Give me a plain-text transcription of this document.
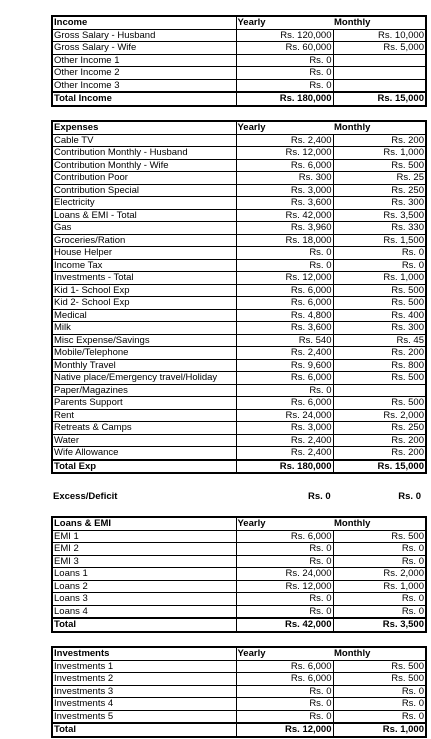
Income	Yearly	Monthly
Gross Salary - Husband	Rs. 120,000	Rs. 10,000
Gross Salary - Wife	Rs. 60,000	Rs. 5,000
Other Income 1	Rs. 0	
Other Income 2	Rs. 0	
Other Income 3	Rs. 0	
Total Income	Rs. 180,000	Rs. 15,000
Expenses	Yearly	Monthly
Cable TV	Rs. 2,400	Rs. 200
Contribution Monthly - Husband	Rs. 12,000	Rs. 1,000
Contribution Monthly - Wife	Rs. 6,000	Rs. 500
Contribution Poor	Rs. 300	Rs. 25
Contribution Special	Rs. 3,000	Rs. 250
Electricity	Rs. 3,600	Rs. 300
Loans & EMI - Total	Rs. 42,000	Rs. 3,500
Gas	Rs. 3,960	Rs. 330
Groceries/Ration	Rs. 18,000	Rs. 1,500
House Helper	Rs. 0	Rs. 0
Income Tax	Rs. 0	Rs. 0
Investments - Total	Rs. 12,000	Rs. 1,000
Kid 1- School Exp	Rs. 6,000	Rs. 500
Kid 2- School Exp	Rs. 6,000	Rs. 500
Medical	Rs. 4,800	Rs. 400
Milk	Rs. 3,600	Rs. 300
Misc Expense/Savings	Rs. 540	Rs. 45
Mobile/Telephone	Rs. 2,400	Rs. 200
Monthly Travel	Rs. 9,600	Rs. 800
Native place/Emergency travel/Holiday	Rs. 6,000	Rs. 500
Paper/Magazines	Rs. 0	
Parents Support	Rs. 6,000	Rs. 500
Rent	Rs. 24,000	Rs. 2,000
Retreats & Camps	Rs. 3,000	Rs. 250
Water	Rs. 2,400	Rs. 200
Wife Allowance	Rs. 2,400	Rs. 200
Total Exp	Rs. 180,000	Rs. 15,000
Excess/Deficit	Rs. 0	Rs. 0
Loans & EMI	Yearly	Monthly
EMI 1	Rs. 6,000	Rs. 500
EMI 2	Rs. 0	Rs. 0
EMI 3	Rs. 0	Rs. 0
Loans 1	Rs. 24,000	Rs. 2,000
Loans 2	Rs. 12,000	Rs. 1,000
Loans 3	Rs. 0	Rs. 0
Loans 4	Rs. 0	Rs. 0
Total	Rs. 42,000	Rs. 3,500
Investments	Yearly	Monthly
Investments 1	Rs. 6,000	Rs. 500
Investments 2	Rs. 6,000	Rs. 500
Investments 3	Rs. 0	Rs. 0
Investments 4	Rs. 0	Rs. 0
Investments 5	Rs. 0	Rs. 0
Total	Rs. 12,000	Rs. 1,000
